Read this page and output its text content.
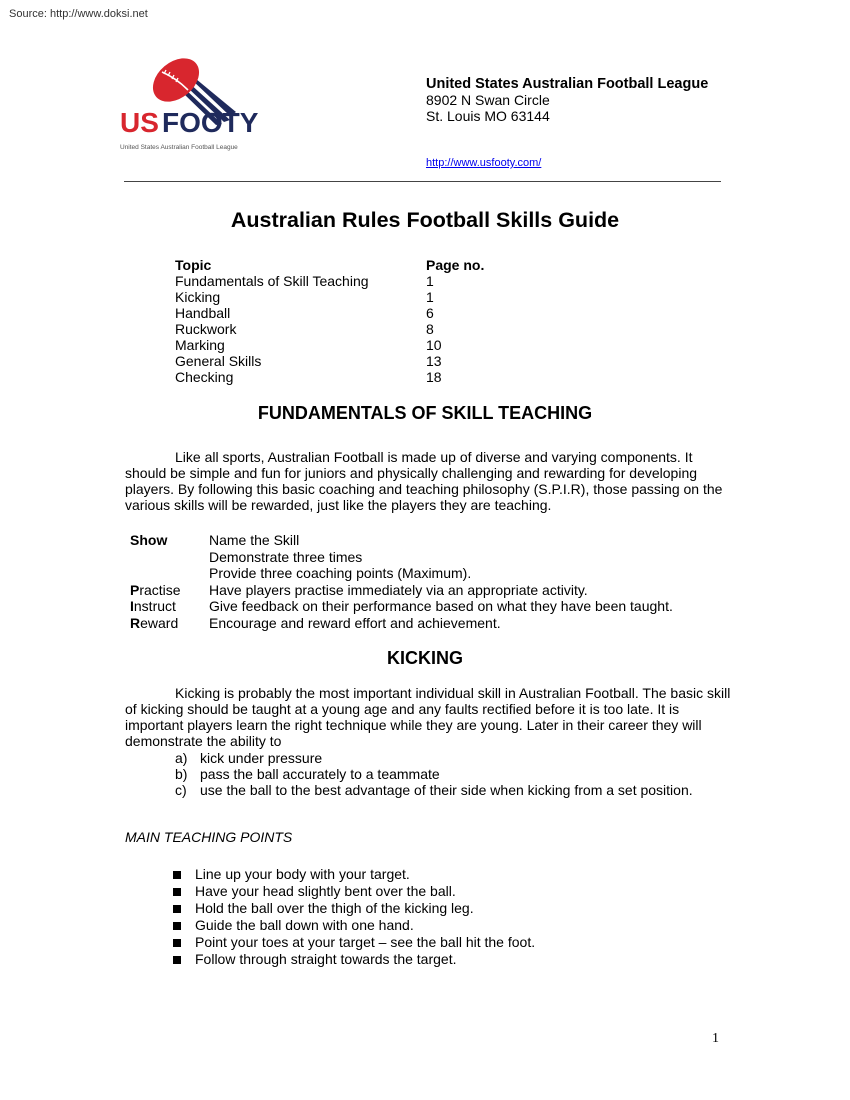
Source: http://www.doksi.net
US FOOTY
United States Australian Football League
United States Australian Football League
8902 N Swan Circle
St. Louis MO 63144
http://www.usfooty.com/
Australian Rules Football Skills Guide
Topic	Page no.
Fundamentals of Skill Teaching	1
Kicking	1
Handball	6
Ruckwork	8
Marking	10
General Skills	13
Checking	18
FUNDAMENTALS OF SKILL TEACHING
Like all sports, Australian Football is made up of diverse and varying components. It should be simple and fun for juniors and physically challenging and rewarding for developing players. By following this basic coaching and teaching philosophy (S.P.I.R), those passing on the various skills will be rewarded, just like the players they are teaching.
Show	Name the Skill
Demonstrate three times
Provide three coaching points (Maximum).
Practise Have players practise immediately via an appropriate activity.
Instruct Give feedback on their performance based on what they have been taught.
Reward Encourage and reward effort and achievement.
KICKING
Kicking is probably the most important individual skill in Australian Football. The basic skill of kicking should be taught at a young age and any faults rectified before it is too late. It is important players learn the right technique while they are young. Later in their career they will demonstrate the ability to
a) kick under pressure
b) pass the ball accurately to a teammate
c) use the ball to the best advantage of their side when kicking from a set position.
MAIN TEACHING POINTS
Line up your body with your target.
Have your head slightly bent over the ball.
Hold the ball over the thigh of the kicking leg.
Guide the ball down with one hand.
Point your toes at your target – see the ball hit the foot.
Follow through straight towards the target.
1
